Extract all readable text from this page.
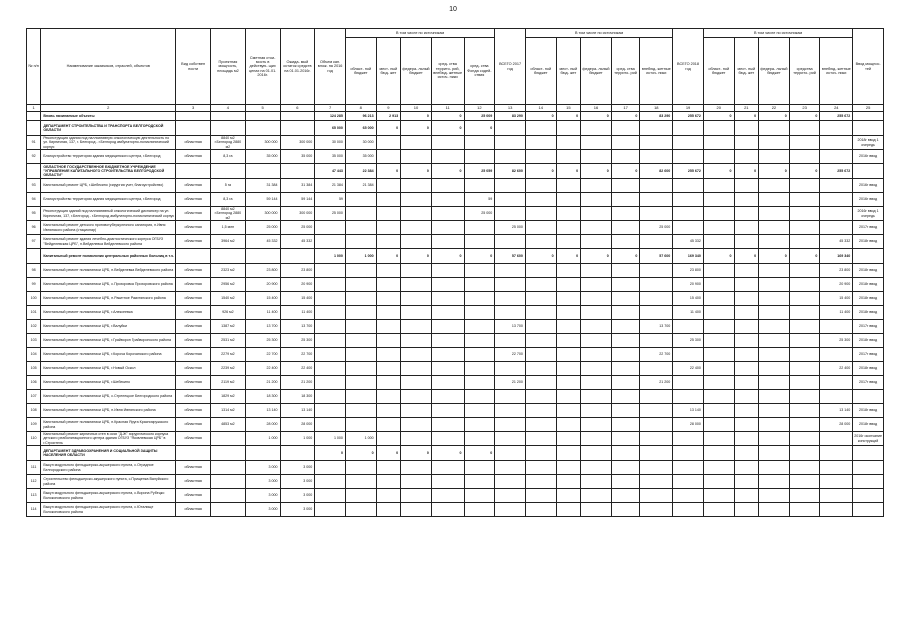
10
№ п/п	Наименование заказчиков, отраслей, объектов	Вид собствен ности	Проектная мощность, площадь м2	Сметная стои- мость в действую- щих ценах на 01.01. 2016г.	Ожида- мый остаток средств на 01.01.2016г.	Объем кап. влож. на 2016 год	В том числе по источникам					ВСЕГО 2017 год	В том числе по источникам					ВСЕГО 2018 год	В том числе по источникам					Ввод мощнос- тей
							област- ной бюджет	мест- ный бюд- жет	федера- льный бюджет	сред- ства террито- рий, внебюд- жетные источ- ники	сред- ства Фонда содей- ствия		област- ной бюджет	мест- ный бюд- жет	федера- льный бюджет	сред- ства террито- рий	внебюд- жетные источ- ники		област- ной бюджет	мест- ный бюд- жет	федера- льный бюджет	средства террито- рий	внебюд- жетные источ- ники	
1	2	3	4	5	6	7	8	9	10	11	12	13	14	15	16	17	18	19	20	21	22	23	24	25
	Вновь начинаемые объекты					124 285	96 213	2 913	0	0	25 009	83 290	0	0	0	0	83 290	255 672	0	0	0	0	255 672	
	ДЕПАРТАМЕНТ СТРОИТЕЛЬСТВА И ТРАНСПОРТА БЕЛГОРОДСКОЙ ОБЛАСТИ					65 000	65 000	0	0	0	0													
91	Реконструкция здания под паллиативную онкологическую деятельность по ул. Кирпичная, 137, г. Белгород - г.Белгород амбулаторно-поликлинический корпус	областная	8840 м2 г.Белгород 2880 м2	300 000	300 000	30 000	30 000																	2018г ввод 1 очередь
92	Благоустройство территории здания медицинского центра, г.Белгород	областная	8,3 га	35 000	35 000	35 000	35 000																	2016г ввод
	ОБЛАСТНОЕ ГОСУДАРСТВЕННОЕ БЮДЖЕТНОЕ УЧРЕЖДЕНИЕ "УПРАВЛЕНИЕ КАПИТАЛЬНОГО СТРОИТЕЛЬСТВА БЕЛГОРОДСКОЙ ОБЛАСТИ"					47 443	22 384	0	0	0	25 059	82 600	0	0	0	0	82 600	255 672	0	0	0	0	255 672	
93	Капитальный ремонт ЦРБ, г.Шебекино (хирургия учет, благоустройство)	областная	5 га	31 384	31 384	21 384	21 384																	2016г ввод
94	Благоустройство территории здания медицинского центра, г.Белгород	областная	8,3 га	59 144	59 144	59					59													2016г ввод
95	Реконструкция зданий под паллиативный онкологический диспансер на ул. Кирпичная, 137, г.Белгород - г.Белгород амбулаторно-поликлинический корпус	областная	8840 м2 г.Белгород 2880 м2	300 000	300 000	25 000					25 000													2016г ввод 1 очередь
96	Капитальный ремонт детского противотуберкулезного санатория, п.Ивня Ивнянского района (стационар)	областная	1,5 млн	25 000	25 000							25 000					25 000							2017г ввод
97	Капитальный ремонт здания лечебно-диагностического корпуса ОГБУЗ "Вейделевская ЦРБ", п.Вейделевка Вейделевского района	областная	3964 м2	45 332	45 332													45 332					45 332	2018г ввод
	Капитальный ремонт поликлиник центральных районных больниц в т.ч.					1 000	1 000	0	0	0	0	57 600	0	0	0	0	57 600	169 340	0	0	0	0	169 340	
98	Капитальный ремонт поликлиники ЦРБ, п.Вейделевка Вейделевского района	областная	2323 м2	23 800	23 800													23 800					23 800	2018г ввод
99	Капитальный ремонт поликлиники ЦРБ, с.Прохоровка Прохоровского района	областная	2956 м2	20 900	20 900													20 900					20 900	2018г ввод
100	Капитальный ремонт поликлиники ЦРБ, п.Ракитное Ракитянского района	областная	1540 м2	15 400	15 400													15 400					15 400	2018г ввод
101	Капитальный ремонт поликлиники ЦРБ, г.Алексеевка	областная	926 м2	11 400	11 400													11 400					11 400	2018г ввод
102	Капитальный ремонт поликлиники ЦРБ, г.Валуйки	областная	1387 м2	13 700	13 700							13 700					13 700							2017г ввод
103	Капитальный ремонт поликлиники ЦРБ, г.Грайворон Грайворонского района	областная	2531 м2	25 300	25 300													25 300					25 300	2018г ввод
104	Капитальный ремонт поликлиники ЦРБ, г.Короча Корочанского района	областная	2279 м2	22 700	22 700							22 700					22 700							2017г ввод
105	Капитальный ремонт поликлиники ЦРБ, г.Новый Оскол	областная	2239 м2	22 400	22 400													22 400					22 400	2018г ввод
106	Капитальный ремонт поликлиники ЦРБ, г.Шебекино	областная	2119 м2	21 200	21 200							21 200					21 200							2017г ввод
107	Капитальный ремонт поликлиники ЦРБ, с.Стрелецкое Белгородского района	областная	1829 м2	18 300	18 300																			
108	Капитальный ремонт поликлиники ЦРБ, п.Ивня Ивнянского района	областная	1314 м2	13 140	13 140													13 140					13 140	2018г ввод
109	Капитальный ремонт поликлиники ЦРБ, п.Красная Яруга Краснояружского района	областная	4853 м2	28 000	28 000													28 000					28 000	2018г ввод
110	Капитальный ремонт кирпичных стен в осях "Д-Ж" хирургического корпуса детского реабилитационного центра здания ОГБУЗ "Яковлевская ЦРБ" в г.Строитель	областная		1 000	1 000	1 000	1 000																	2016г окончание конструкций
	ДЕПАРТАМЕНТ ЗДРАВООХРАНЕНИЯ И СОЦИАЛЬНОЙ ЗАЩИТЫ НАСЕЛЕНИЯ ОБЛАСТИ					0	0	0	0	0	0													
111	Выкуп модульного фельдшерско-акушерского пункта, с.Отрадное Белгородского района	областная		3 000	3 000																			
112	Строительство фельдшерско-акушерского пункта, с.Прищепка Валуйского района	областная		3 000	3 000																			
113	Выкуп модульного фельдшерско-акушерского пункта, с.Ворона Рубецко Волоконовского района	областная		3 000	3 000																			
114	Выкуп модульного фельдшерско-акушерского пункта, с.Юталище Волоконовского района	областная		3 000	3 000																			
